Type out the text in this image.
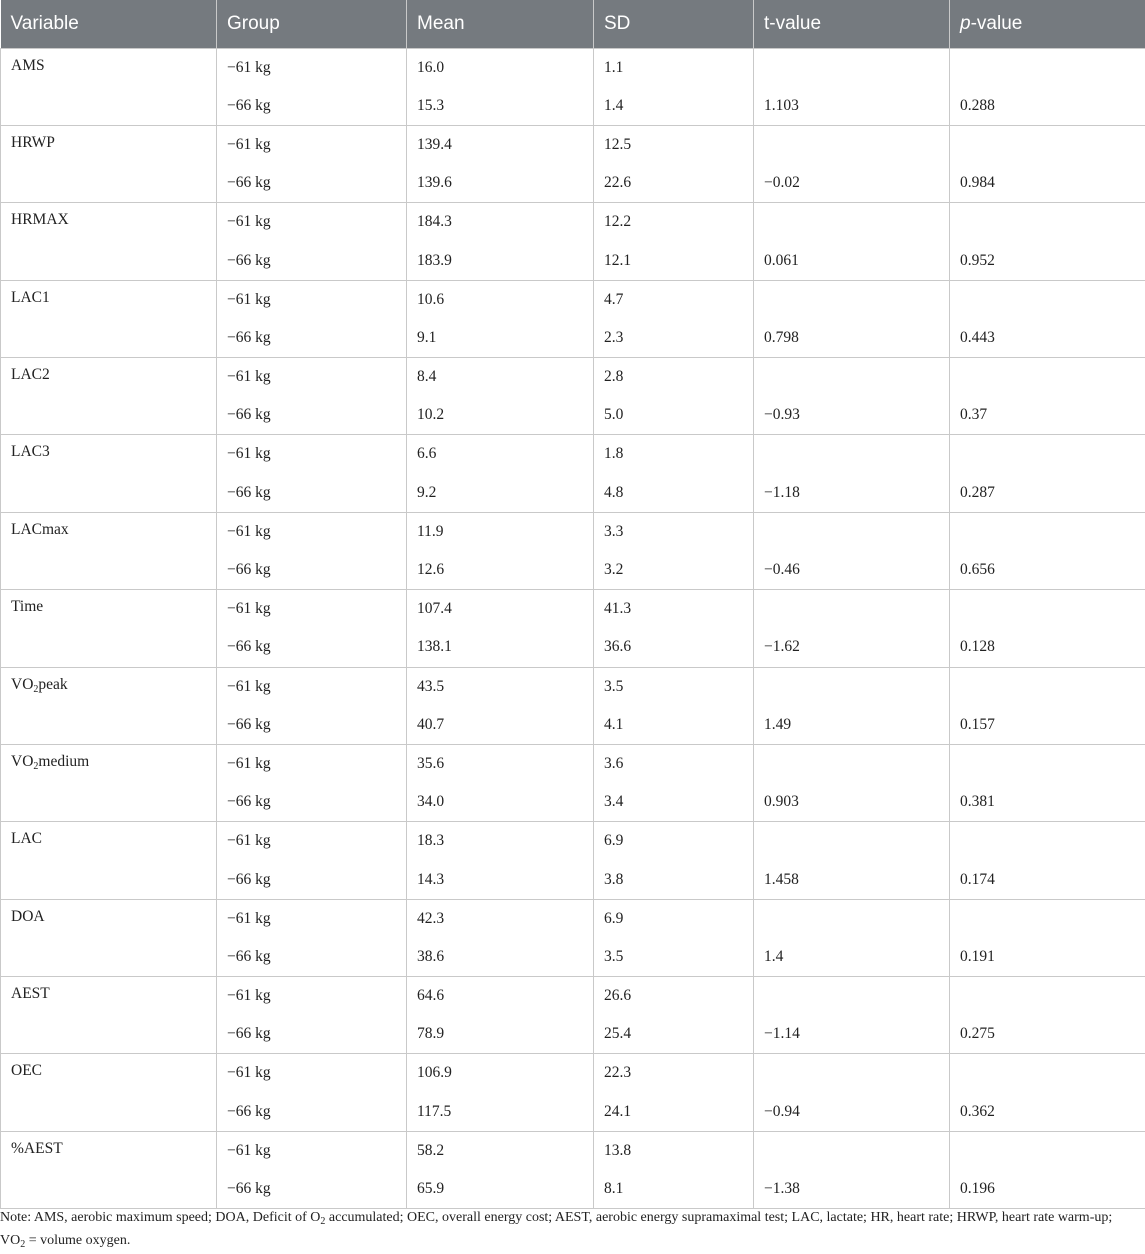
Variable	Group	Mean	SD	t-value	p-value
AMS	−61 kg	16.0	1.1		
	−66 kg	15.3	1.4	1.103	0.288
HRWP	−61 kg	139.4	12.5		
	−66 kg	139.6	22.6	−0.02	0.984
HRMAX	−61 kg	184.3	12.2		
	−66 kg	183.9	12.1	0.061	0.952
LAC1	−61 kg	10.6	4.7		
	−66 kg	9.1	2.3	0.798	0.443
LAC2	−61 kg	8.4	2.8		
	−66 kg	10.2	5.0	−0.93	0.37
LAC3	−61 kg	6.6	1.8		
	−66 kg	9.2	4.8	−1.18	0.287
LACmax	−61 kg	11.9	3.3		
	−66 kg	12.6	3.2	−0.46	0.656
Time	−61 kg	107.4	41.3		
	−66 kg	138.1	36.6	−1.62	0.128
$VO_2peak$	−61 kg	43.5	3.5		
	−66 kg	40.7	4.1	1.49	0.157
$VO_2medium$	−61 kg	35.6	3.6		
	−66 kg	34.0	3.4	0.903	0.381
LAC	−61 kg	18.3	6.9		
	−66 kg	14.3	3.8	1.458	0.174
DOA	−61 kg	42.3	6.9		
	−66 kg	38.6	3.5	1.4	0.191
AEST	−61 kg	64.6	26.6		
	−66 kg	78.9	25.4	−1.14	0.275
OEC	−61 kg	106.9	22.3		
	−66 kg	117.5	24.1	−0.94	0.362
%AEST	−61 kg	58.2	13.8		
	−66 kg	65.9	8.1	−1.38	0.196
Note: AMS, aerobic maximum speed; DOA, Deficit of $O_2$ accumulated; OEC, overall energy cost; AEST, aerobic energy supramaximal test; LAC, lactate; HR, heart rate; HRWP, heart rate warm-up; $VO_2$ = volume oxygen.
